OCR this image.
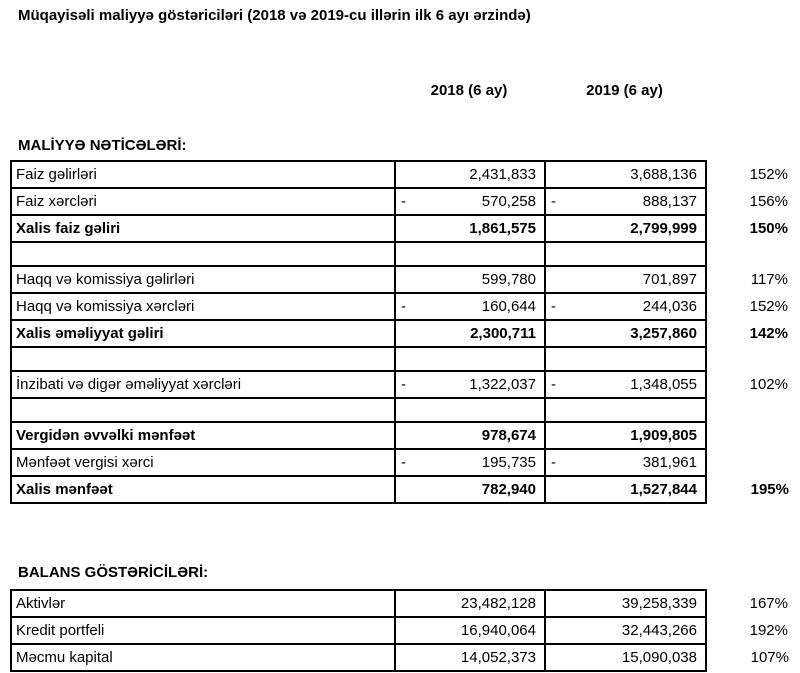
Müqayisəli maliyyə göstəriciləri (2018 və 2019-cu illərin ilk 6 ayı ərzində)
2018 (6 ay)	2019 (6 ay)
MALİYYƏ NƏTİCƏLƏRİ:
Faiz gəlirləri	2,431,833	3,688,136	152%
Faiz xərcləri	- 570,258	- 888,137	156%
Xalis faiz gəliri	1,861,575	2,799,999	150%

Haqq və komissiya gəlirləri	599,780	701,897	117%
Haqq və komissiya xərcləri	- 160,644	- 244,036	152%
Xalis əməliyyat gəliri	2,300,711	3,257,860	142%

İnzibati və digər əməliyyat xərcləri	- 1,322,037	- 1,348,055	102%

Vergidən əvvəlki mənfəət	978,674	1,909,805	

Mənfəət vergisi xərci	- 195,735	- 381,961	

Xalis mənfəət	782,940	1,527,844	195%
BALANS GÖSTƏRİCİLƏRİ:
Aktivlər	23,482,128	39,258,339	167%
Kredit portfeli	16,940,064	32,443,266	192%
Məcmu kapital	14,052,373	15,090,038	107%
